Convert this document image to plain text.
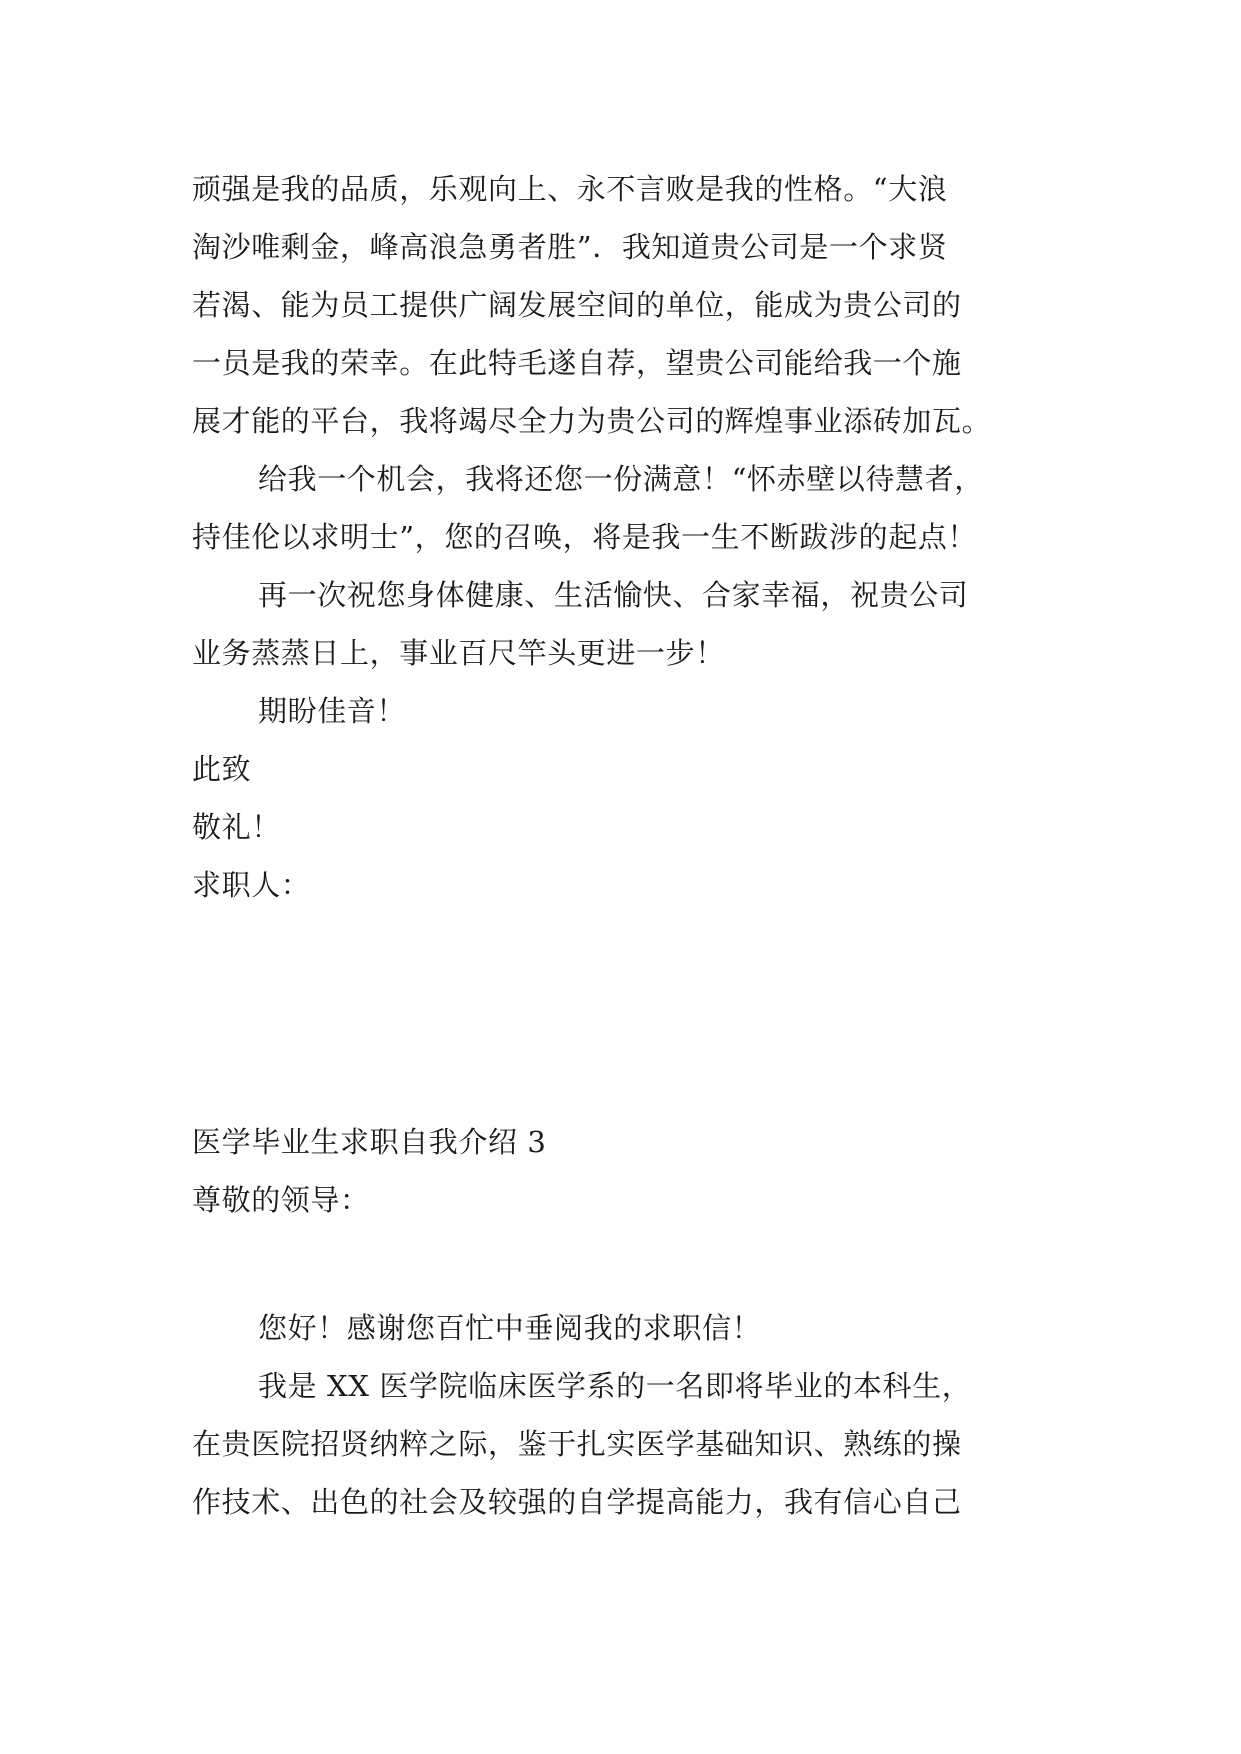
顽强是我的品质，乐观向上、永不言败是我的性格。“大浪
淘沙唯剩金，峰高浪急勇者胜”．我知道贵公司是一个求贤
若渴、能为员工提供广阔发展空间的单位，能成为贵公司的
一员是我的荣幸。在此特毛遂自荐，望贵公司能给我一个施
展才能的平台，我将竭尽全力为贵公司的辉煌事业添砖加瓦。
给我一个机会，我将还您一份满意！“怀赤壁以待慧者，
持佳伦以求明士”，您的召唤，将是我一生不断跋涉的起点！
再一次祝您身体健康、生活愉快、合家幸福，祝贵公司
业务蒸蒸日上，事业百尺竿头更进一步！
期盼佳音！
此致
敬礼！
求职人：
医学毕业生求职自我介绍 3
尊敬的领导：
您好！感谢您百忙中垂阅我的求职信！
我是 XX 医学院临床医学系的一名即将毕业的本科生，
在贵医院招贤纳粹之际，鉴于扎实医学基础知识、熟练的操
作技术、出色的社会及较强的自学提高能力，我有信心自己
